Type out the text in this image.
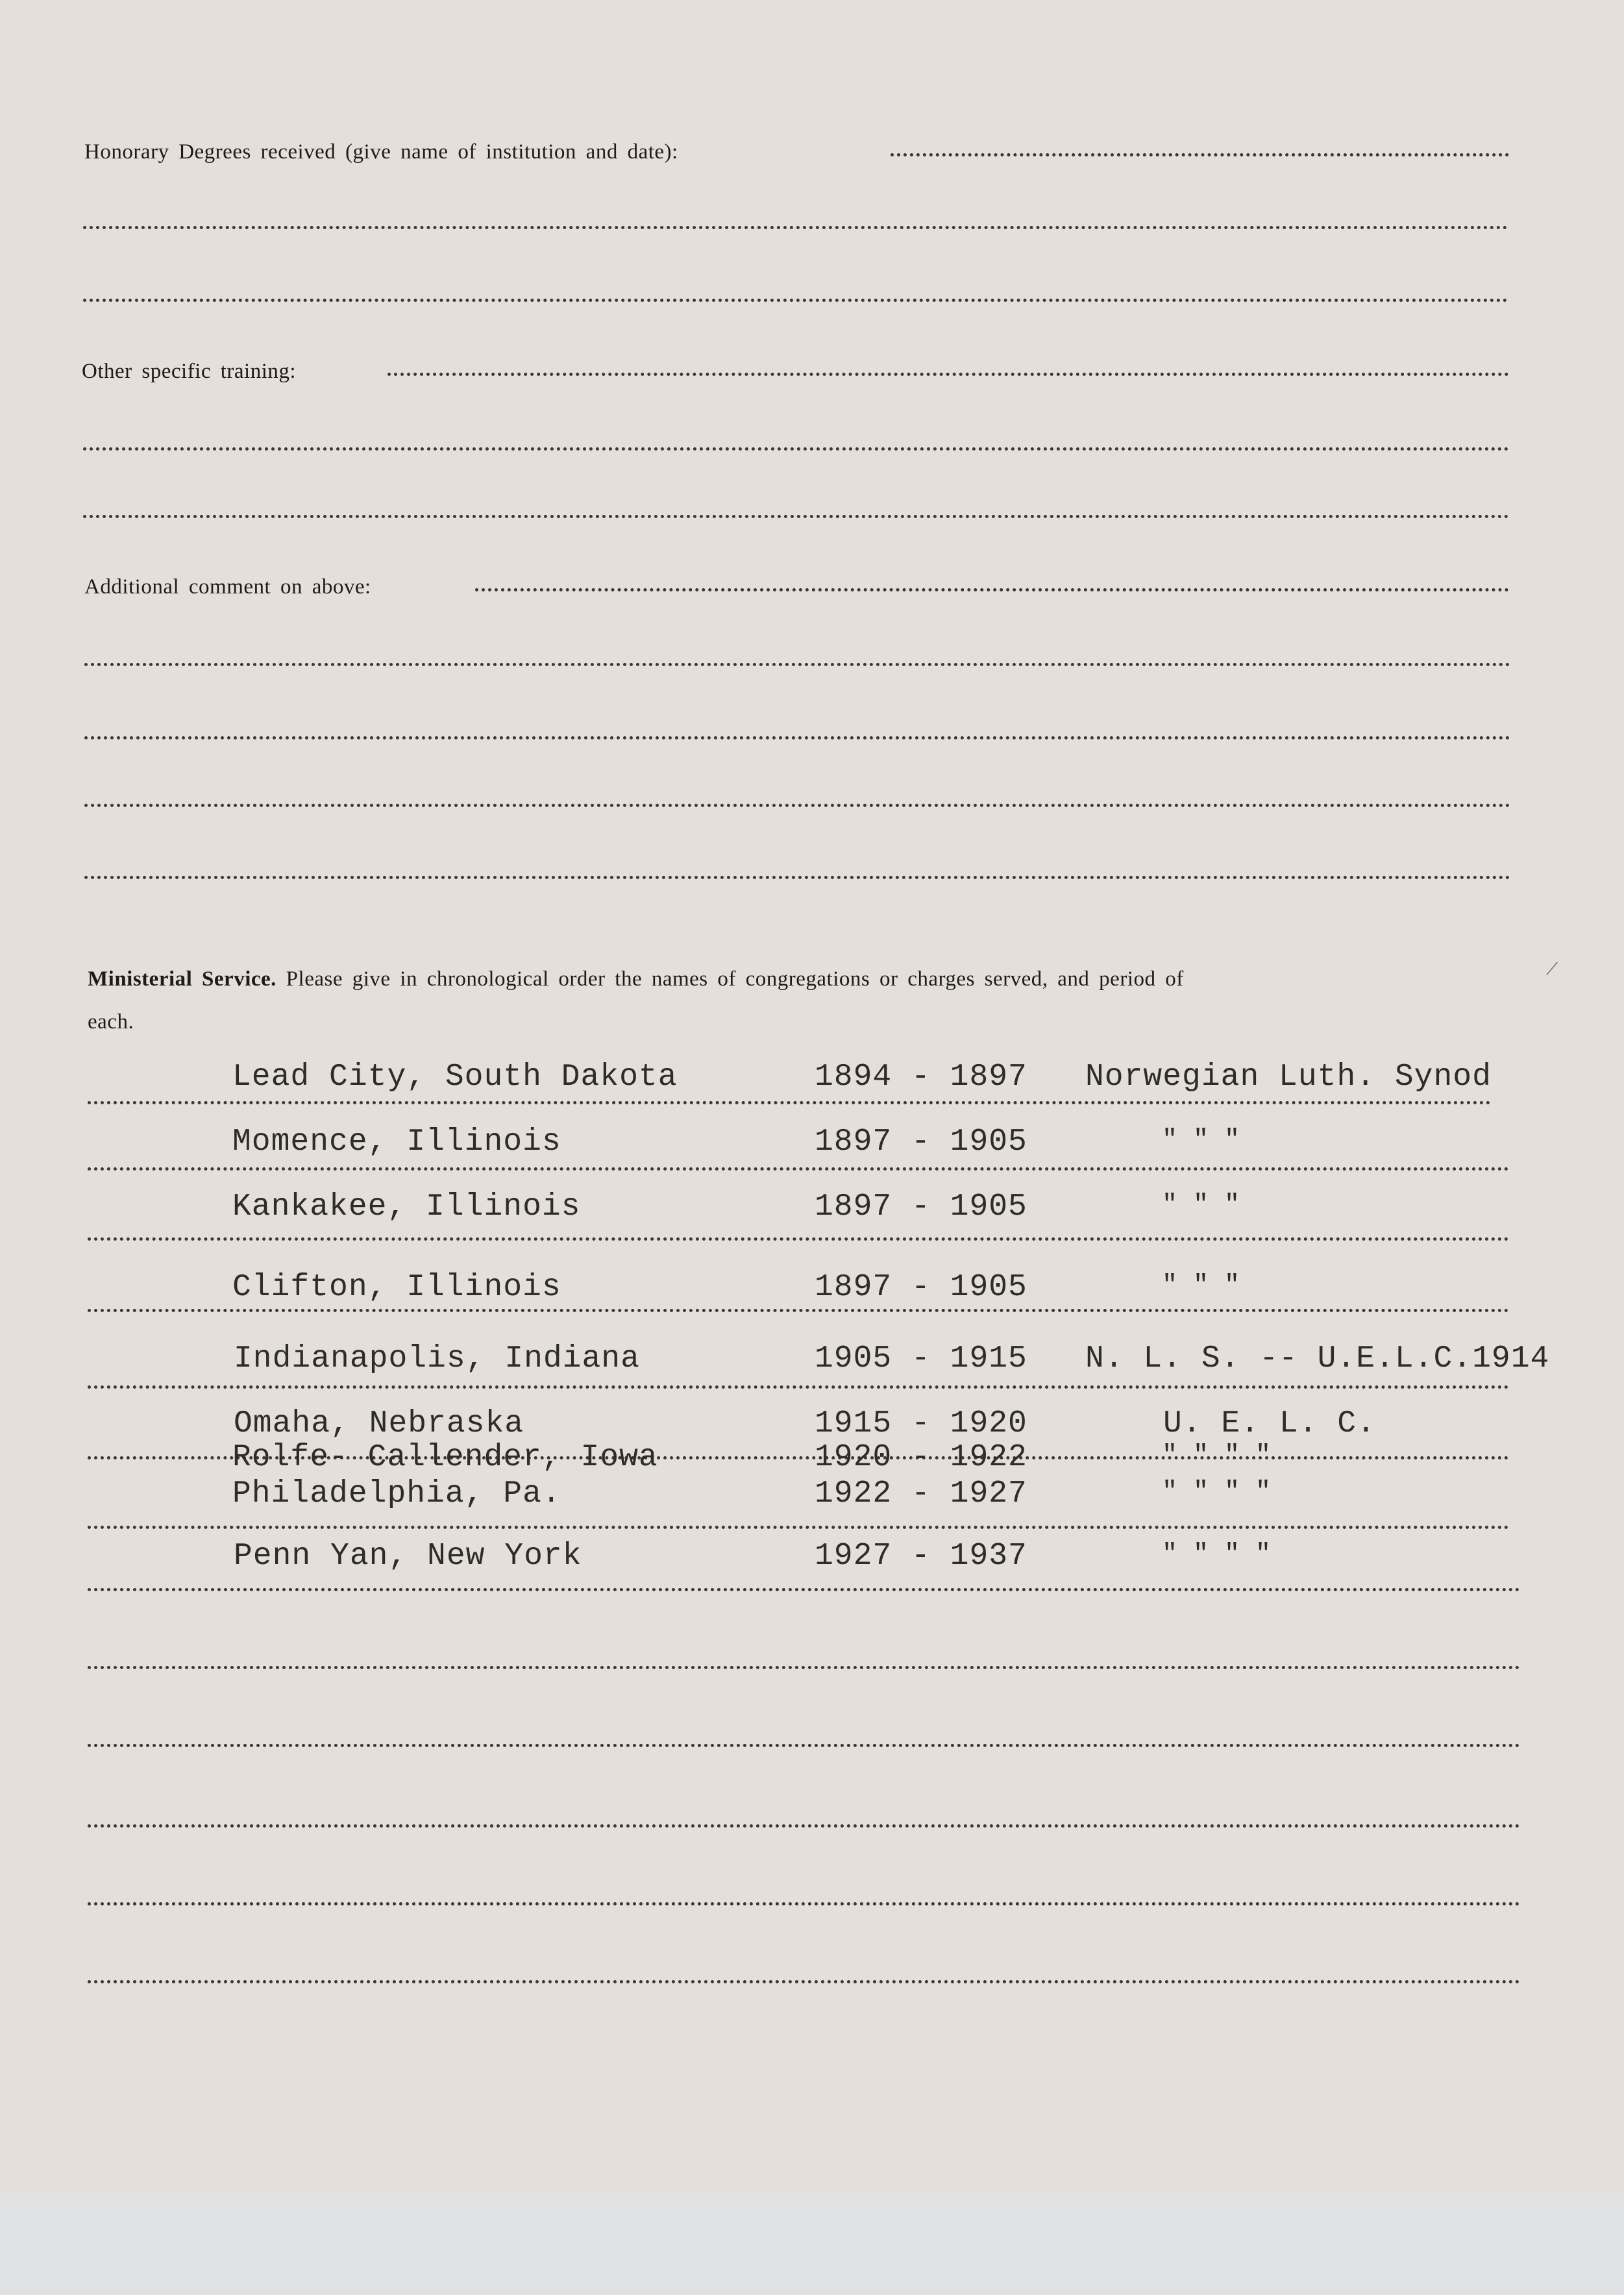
Honorary Degrees received (give name of institution and date):
Other specific training:
Additional comment on above:
Ministerial Service. Please give in chronological order the names of congregations or charges served, and period of
each.
⟋
Lead City, South Dakota	1894 - 1897 Norwegian Luth. Synod
Momence, Illinois	1897 - 1905	" " "
Kankakee, Illinois	1897 - 1905	" " "
Clifton, Illinois	1897 - 1905	" " "
Indianapolis, Indiana	1905 - 1915 N. L. S. -- U.E.L.C.1914
Omaha, Nebraska	1915 - 1920	U. E. L. C.
Rolfe- Callender, Iowa	1920 - 1922	" " " "
Philadelphia, Pa.	1922 - 1927	" " " "
Penn Yan, New York	1927 - 1937	" " " "
